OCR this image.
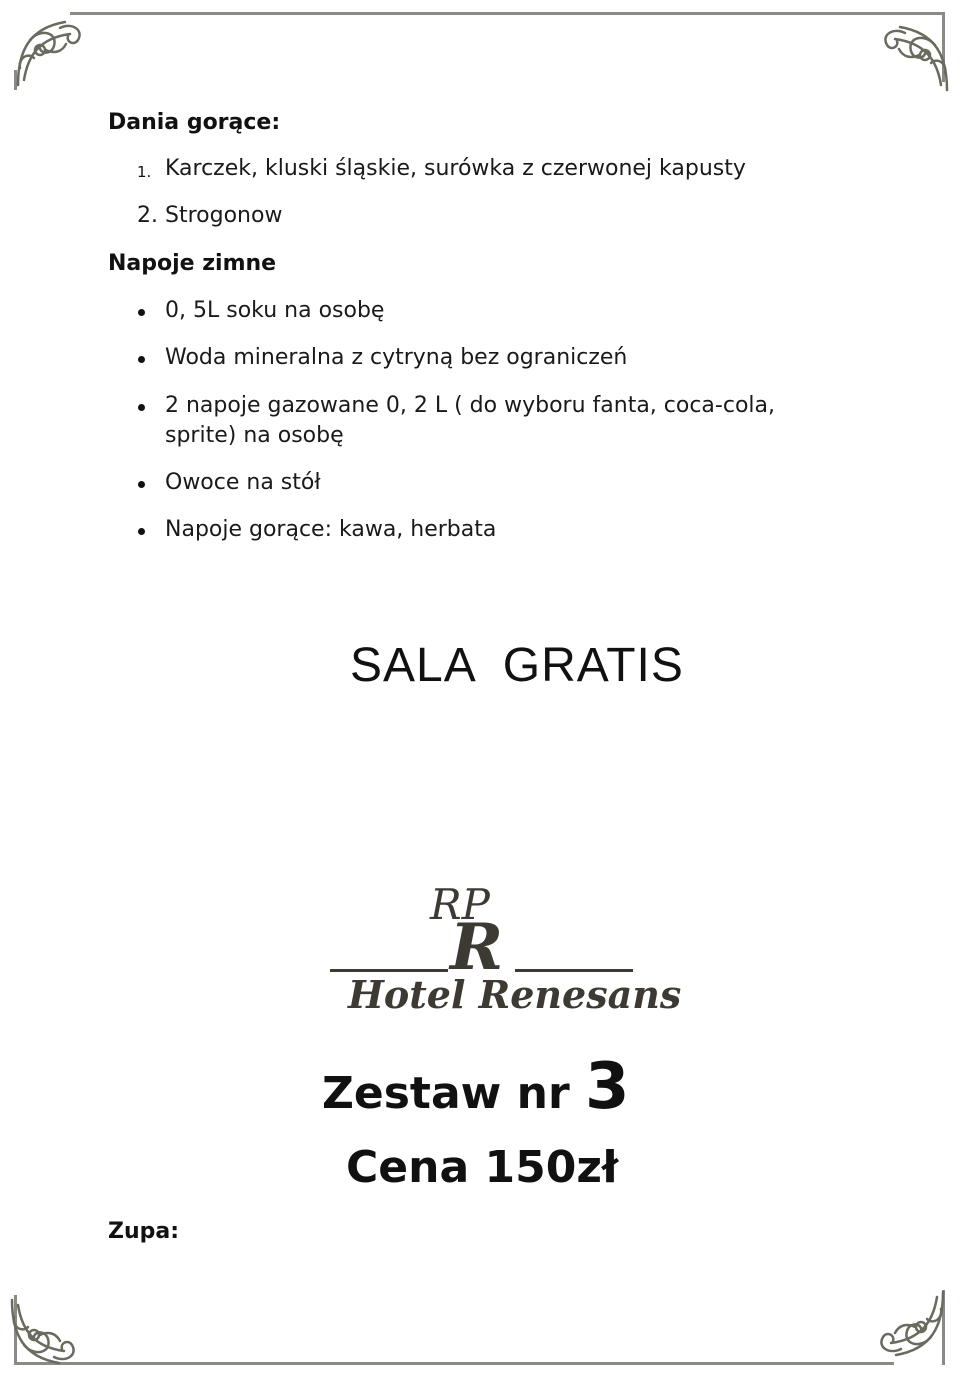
Dania gorące:
1. Karczek, kluski śląskie, surówka z czerwonej kapusty
2. Strogonow
Napoje zimne
0, 5L soku na osobę
Woda mineralna z cytryną bez ograniczeń
2 napoje gazowane 0, 2 L ( do wyboru fanta, coca-cola,
sprite) na osobę
Owoce na stół
Napoje gorące: kawa, herbata
SALA  GRATIS
RP
R
Hotel Renesans
Zestaw nr 3
Cena 150zł
Zupa:
